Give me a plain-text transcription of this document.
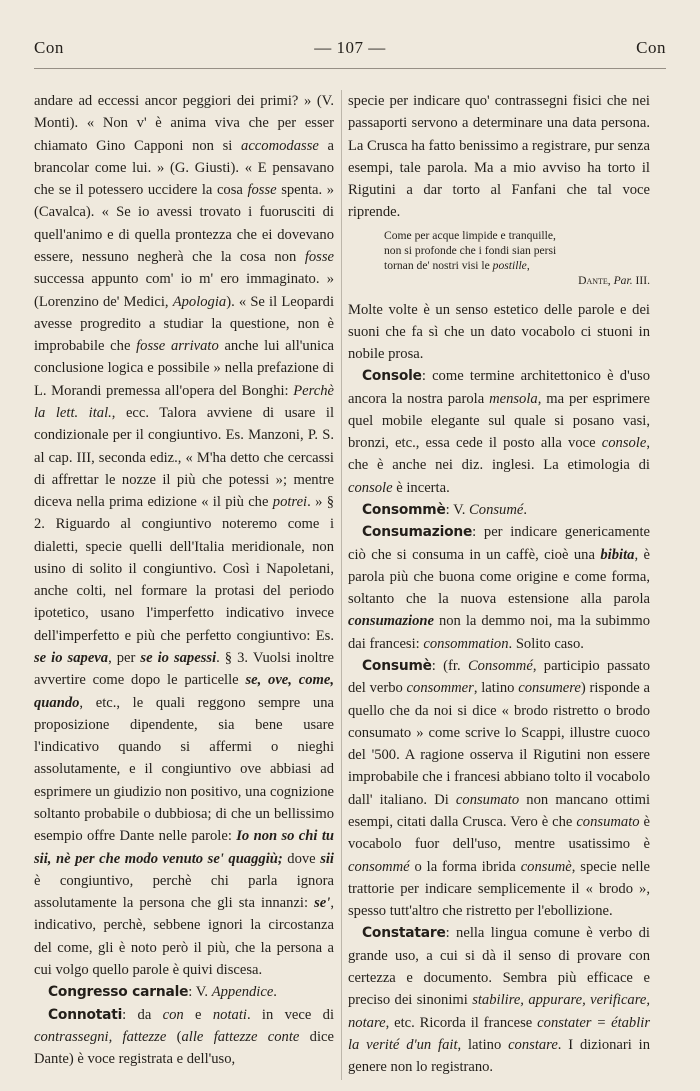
Con	— 107 —	Con

andare ad eccessi ancor peggiori dei primi? » (V. Monti). « Non v' è anima viva che per esser chiamato Gino Capponi non si accomodasse a brancolar come lui. » (G. Giusti). « E pensavano che se il potessero uccidere la cosa fosse spenta. » (Cavalca). « Se io avessi trovato i fuorusciti di quell'animo e di quella prontezza che ei dovevano essere, nessuno negherà che la cosa non fosse successa appunto com' io m' ero immaginato. » (Lorenzino de' Medici, Apologia). « Se il Leopardi avesse progredito a studiar la questione, non è improbabile che fosse arrivato anche lui all'unica conclusione logica e possibile » nella prefazione di L. Morandi premessa all'opera del Bonghi: Perchè la lett. ital., ecc. Talora avviene di usare il condizionale per il congiuntivo. Es. Manzoni, P. S. al cap. III, seconda ediz., « M'ha detto che cercassi di affrettar le nozze il più che potessi »; mentre diceva nella prima edizione « il più che potrei. » § 2. Riguardo al congiuntivo noteremo come i dialetti, specie quelli dell'Italia meridionale, non usino di solito il congiuntivo. Così i Napoletani, anche colti, nel formare la protasi del periodo ipotetico, usano l'imperfetto indicativo invece dell'imperfetto e più che perfetto congiuntivo: Es. se io sapeva, per se io sapessi. § 3. Vuolsi inoltre avvertire come dopo le particelle se, ove, come, quando, etc., le quali reggono sempre una proposizione dipendente, sia bene usare l'indicativo quando si affermi o nieghi assolutamente, e il congiuntivo ove abbiasi ad esprimere un giudizio non positivo, una cognizione soltanto probabile o dubbiosa; di che un bellissimo esempio offre Dante nelle parole: Io non so chi tu sii, nè per che modo venuto se' quaggiù; dove sii è congiuntivo, perchè chi parla ignora assolutamente la persona che gli sta innanzi: se', indicativo, perchè, sebbene ignori la circostanza del come, gli è noto però il più, che la persona a cui volgo quello parole è quivi discesa.

Congresso carnale: V. Appendice.

Connotati: da con e notati. in vece di contrassegni, fattezze (alle fattezze conte dice Dante) è voce registrata e dell'uso,

specie per indicare quo' contrassegni fisici che nei passaporti servono a determinare una data persona. La Crusca ha fatto benissimo a registrare, pur senza esempi, tale parola. Ma a mio avviso ha torto il Rigutini a dar torto al Fanfani che tal voce riprende.

Come per acque limpide e tranquille,
non si profonde che i fondi sian persi
tornan de' nostri visi le postille,
Dante, Par. III.

Molte volte è un senso estetico delle parole e dei suoni che fa sì che un dato vocabolo ci stuoni in nobile prosa.

Console: come termine architettonico è d'uso ancora la nostra parola mensola, ma per esprimere quel mobile elegante sul quale si posano vasi, bronzi, etc., essa cede il posto alla voce console, che è anche nei diz. inglesi. La etimologia di console è incerta.

Consommè: V. Consumé.

Consumazione: per indicare genericamente ciò che si consuma in un caffè, cioè una bibita, è parola più che buona come origine e come forma, soltanto che la nuova estensione alla parola consumazione non la demmo noi, ma la subimmo dai francesi: consommation. Solito caso.

Consumè: (fr. Consommé, participio passato del verbo consommer, latino consumere) risponde a quello che da noi si dice « brodo ristretto o brodo consumato » come scrive lo Scappi, illustre cuoco del '500. A ragione osserva il Rigutini non essere improbabile che i francesi abbiano tolto il vocabolo dall' italiano. Di consumato non mancano ottimi esempi, citati dalla Crusca. Vero è che consumato è vocabolo fuor dell'uso, mentre usatissimo è consommé o la forma ibrida consumè, specie nelle trattorie per indicare semplicemente il « brodo », spesso tutt'altro che ristretto per l'ebollizione.

Constatare: nella lingua comune è verbo di grande uso, a cui si dà il senso di provare con certezza e documento. Sembra più efficace e preciso dei sinonimi stabilire, appurare, verificare, notare, etc. Ricorda il francese constater = établir la verité d'un fait, latino constare. I dizionari in genere non lo registrano.
